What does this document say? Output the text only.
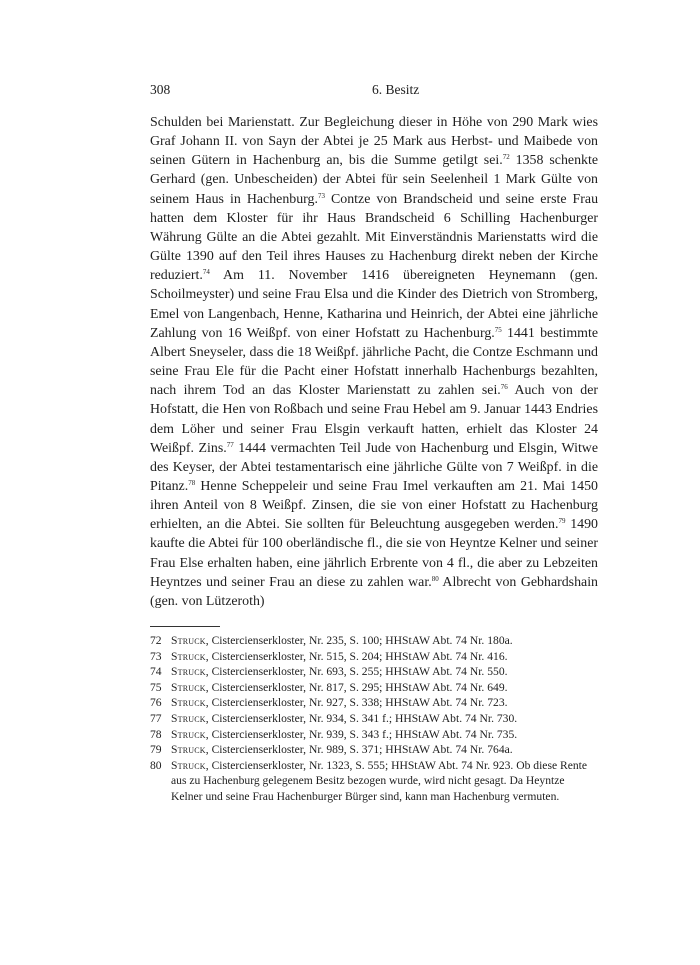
308	6. Besitz
Schulden bei Marienstatt. Zur Begleichung dieser in Höhe von 290 Mark wies Graf Johann II. von Sayn der Abtei je 25 Mark aus Herbst- und Maibede von seinen Gütern in Hachenburg an, bis die Summe getilgt sei.$^{72}$ 1358 schenkte Gerhard (gen. Unbescheiden) der Abtei für sein Seelenheil 1 Mark Gülte von seinem Haus in Hachenburg.$^{73}$ Contze von Brandscheid und seine erste Frau hatten dem Kloster für ihr Haus Brandscheid 6 Schilling Hachenburger Währung Gülte an die Abtei gezahlt. Mit Einverständnis Marienstatts wird die Gülte 1390 auf den Teil ihres Hauses zu Hachenburg direkt neben der Kirche reduziert.$^{74}$ Am 11. November 1416 übereigneten Heynemann (gen. Schoilmeyster) und seine Frau Elsa und die Kinder des Dietrich von Stromberg, Emel von Langenbach, Henne, Katharina und Heinrich, der Abtei eine jährliche Zahlung von 16 Weißpf. von einer Hofstatt zu Hachenburg.$^{75}$ 1441 bestimmte Albert Sneyseler, dass die 18 Weißpf. jährliche Pacht, die Contze Eschmann und seine Frau Ele für die Pacht einer Hofstatt innerhalb Hachenburgs bezahlten, nach ihrem Tod an das Kloster Marienstatt zu zahlen sei.$^{76}$ Auch von der Hofstatt, die Hen von Roßbach und seine Frau Hebel am 9. Januar 1443 Endries dem Löher und seiner Frau Elsgin verkauft hatten, erhielt das Kloster 24 Weißpf. Zins.$^{77}$ 1444 vermachten Teil Jude von Hachenburg und Elsgin, Witwe des Keyser, der Abtei testamentarisch eine jährliche Gülte von 7 Weißpf. in die Pitanz.$^{78}$ Henne Scheppeleir und seine Frau Imel verkauften am 21. Mai 1450 ihren Anteil von 8 Weißpf. Zinsen, die sie von einer Hofstatt zu Hachenburg erhielten, an die Abtei. Sie sollten für Beleuchtung ausgegeben werden.$^{79}$ 1490 kaufte die Abtei für 100 oberländische fl., die sie von Heyntze Kelner und seiner Frau Else erhalten haben, eine jährlich Erbrente von 4 fl., die aber zu Lebzeiten Heyntzes und seiner Frau an diese zu zahlen war.$^{80}$ Albrecht von Gebhardshain (gen. von Lützeroth)
72 Struck, Cistercienserkloster, Nr. 235, S. 100; HHStAW Abt. 74 Nr. 180a.
73 Struck, Cistercienserkloster, Nr. 515, S. 204; HHStAW Abt. 74 Nr. 416.
74 Struck, Cistercienserkloster, Nr. 693, S. 255; HHStAW Abt. 74 Nr. 550.
75 Struck, Cistercienserkloster, Nr. 817, S. 295; HHStAW Abt. 74 Nr. 649.
76 Struck, Cistercienserkloster, Nr. 927, S. 338; HHStAW Abt. 74 Nr. 723.
77 Struck, Cistercienserkloster, Nr. 934, S. 341 f.; HHStAW Abt. 74 Nr. 730.
78 Struck, Cistercienserkloster, Nr. 939, S. 343 f.; HHStAW Abt. 74 Nr. 735.
79 Struck, Cistercienserkloster, Nr. 989, S. 371; HHStAW Abt. 74 Nr. 764a.
80 Struck, Cistercienserkloster, Nr. 1323, S. 555; HHStAW Abt. 74 Nr. 923. Ob diese Rente aus zu Hachenburg gelegenem Besitz bezogen wurde, wird nicht gesagt. Da Heyntze Kelner und seine Frau Hachenburger Bürger sind, kann man Hachenburg vermuten.
